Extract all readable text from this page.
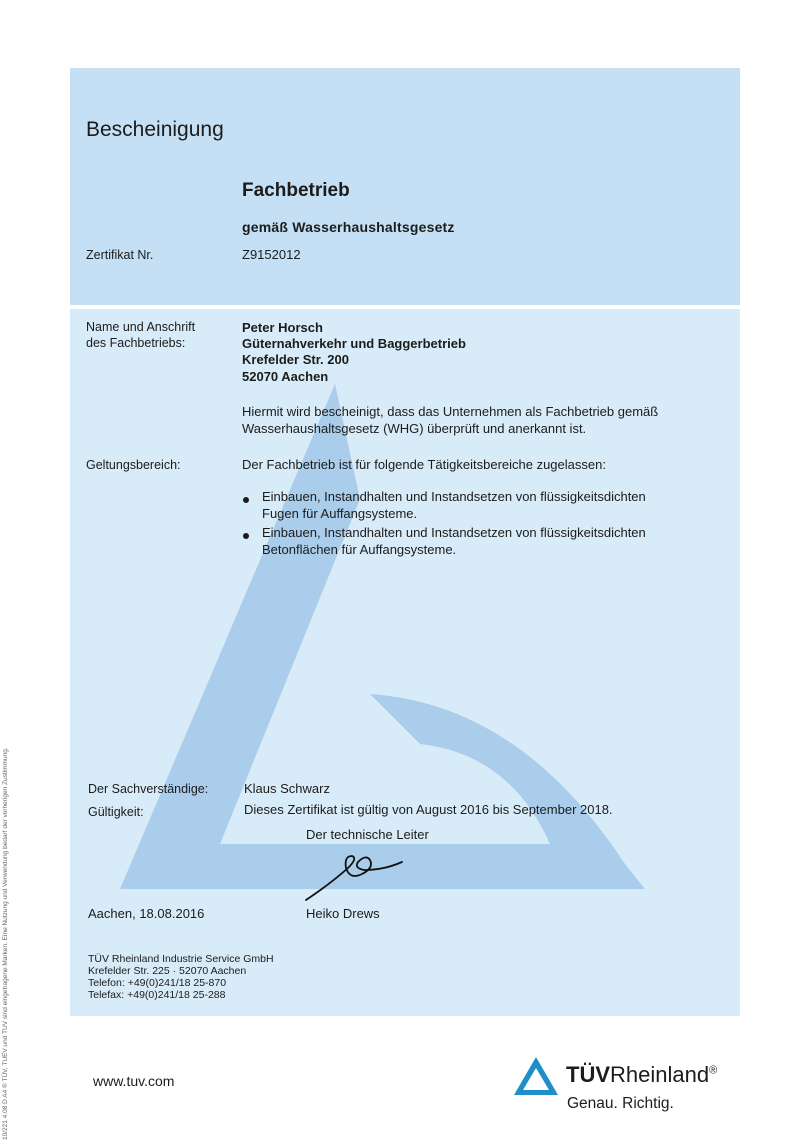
Bescheinigung
Fachbetrieb
gemäß Wasserhaushaltsgesetz
Zertifikat Nr.	Z9152012
Name und Anschrift
des Fachbetriebs:
Peter Horsch
Güternahverkehr und Baggerbetrieb
Krefelder Str. 200
52070 Aachen
Hiermit wird bescheinigt, dass das Unternehmen als Fachbetrieb gemäß
Wasserhaushaltsgesetz (WHG) überprüft und anerkannt ist.
Geltungsbereich:	Der Fachbetrieb ist für folgende Tätigkeitsbereiche zugelassen:
Einbauen, Instandhalten und Instandsetzen von flüssigkeitsdichten
Fugen für Auffangsysteme.
Einbauen, Instandhalten und Instandsetzen von flüssigkeitsdichten
Betonflächen für Auffangsysteme.
Der Sachverständige:	Klaus Schwarz
Gültigkeit:	Dieses Zertifikat ist gültig von August 2016 bis September 2018.
Der technische Leiter
Aachen, 18.08.2016	Heiko Drews
TÜV Rheinland Industrie Service GmbH
Krefelder Str. 225 · 52070 Aachen
Telefon: +49(0)241/18 25-870
Telefax: +49(0)241/18 25-288
www.tuv.com	TÜVRheinland®
Genau. Richtig.
10/221 4.08 D A4 ® TÜV, TUEV und TUV sind eingetragene Marken. Eine Nutzung und Verwendung bedarf der vorherigen Zustimmung.
